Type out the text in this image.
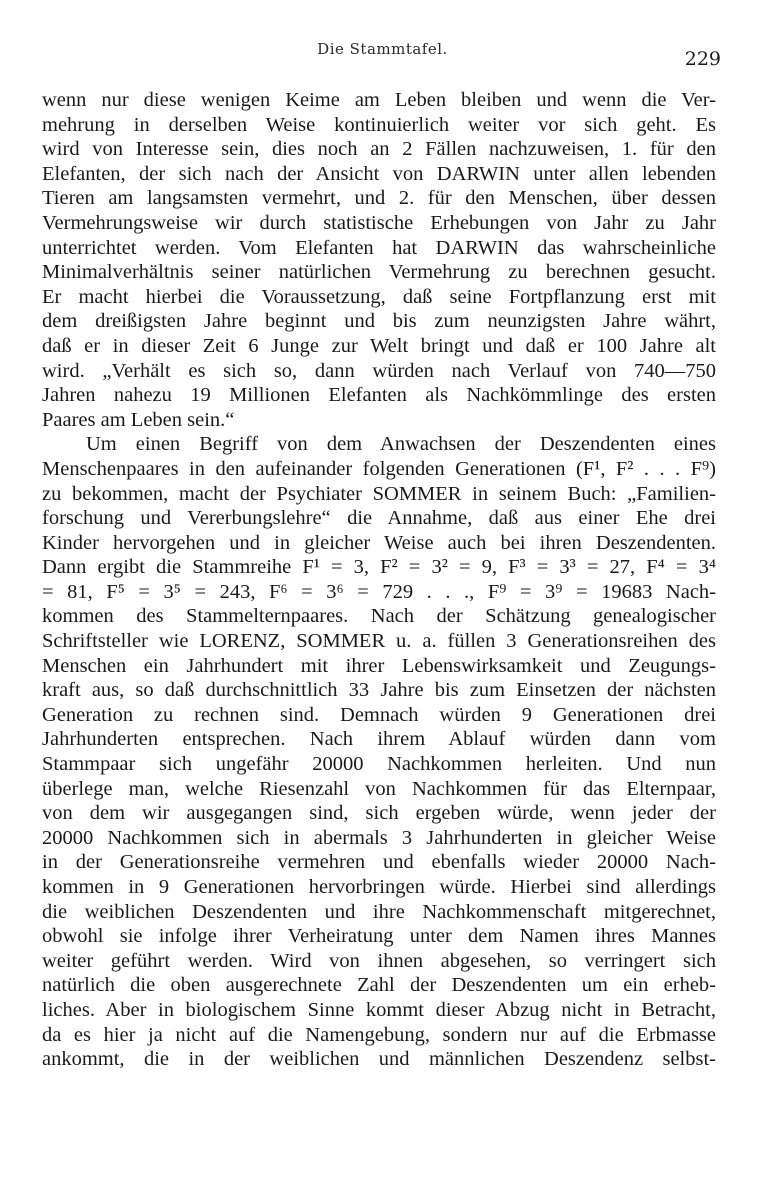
Die Stammtafel.	229
wenn nur diese wenigen Keime am Leben bleiben und wenn die Ver-
mehrung in derselben Weise kontinuierlich weiter vor sich geht. Es
wird von Interesse sein, dies noch an 2 Fällen nachzuweisen, 1. für den
Elefanten, der sich nach der Ansicht von DARWIN unter allen lebenden
Tieren am langsamsten vermehrt, und 2. für den Menschen, über dessen
Vermehrungsweise wir durch statistische Erhebungen von Jahr zu Jahr
unterrichtet werden. Vom Elefanten hat DARWIN das wahrscheinliche
Minimalverhältnis seiner natürlichen Vermehrung zu berechnen gesucht.
Er macht hierbei die Voraussetzung, daß seine Fortpflanzung erst mit
dem dreißigsten Jahre beginnt und bis zum neunzigsten Jahre währt,
daß er in dieser Zeit 6 Junge zur Welt bringt und daß er 100 Jahre alt
wird. „Verhält es sich so, dann würden nach Verlauf von 740—750
Jahren nahezu 19 Millionen Elefanten als Nachkömmlinge des ersten
Paares am Leben sein.“
Um einen Begriff von dem Anwachsen der Deszendenten eines
Menschenpaares in den aufeinander folgenden Generationen (F¹, F² . . . F⁹)
zu bekommen, macht der Psychiater SOMMER in seinem Buch: „Familien-
forschung und Vererbungslehre“ die Annahme, daß aus einer Ehe drei
Kinder hervorgehen und in gleicher Weise auch bei ihren Deszendenten.
Dann ergibt die Stammreihe F¹ = 3, F² = 3² = 9, F³ = 3³ = 27, F⁴ = 3⁴
= 81, F⁵ = 3⁵ = 243, F⁶ = 3⁶ = 729 . . ., F⁹ = 3⁹ = 19683 Nach-
kommen des Stammelternpaares. Nach der Schätzung genealogischer
Schriftsteller wie LORENZ, SOMMER u. a. füllen 3 Generationsreihen des
Menschen ein Jahrhundert mit ihrer Lebenswirksamkeit und Zeugungs-
kraft aus, so daß durchschnittlich 33 Jahre bis zum Einsetzen der nächsten
Generation zu rechnen sind. Demnach würden 9 Generationen drei
Jahrhunderten entsprechen. Nach ihrem Ablauf würden dann vom
Stammpaar sich ungefähr 20000 Nachkommen herleiten. Und nun
überlege man, welche Riesenzahl von Nachkommen für das Elternpaar,
von dem wir ausgegangen sind, sich ergeben würde, wenn jeder der
20000 Nachkommen sich in abermals 3 Jahrhunderten in gleicher Weise
in der Generationsreihe vermehren und ebenfalls wieder 20000 Nach-
kommen in 9 Generationen hervorbringen würde. Hierbei sind allerdings
die weiblichen Deszendenten und ihre Nachkommenschaft mitgerechnet,
obwohl sie infolge ihrer Verheiratung unter dem Namen ihres Mannes
weiter geführt werden. Wird von ihnen abgesehen, so verringert sich
natürlich die oben ausgerechnete Zahl der Deszendenten um ein erheb-
liches. Aber in biologischem Sinne kommt dieser Abzug nicht in Betracht,
da es hier ja nicht auf die Namengebung, sondern nur auf die Erbmasse
ankommt, die in der weiblichen und männlichen Deszendenz selbst-
